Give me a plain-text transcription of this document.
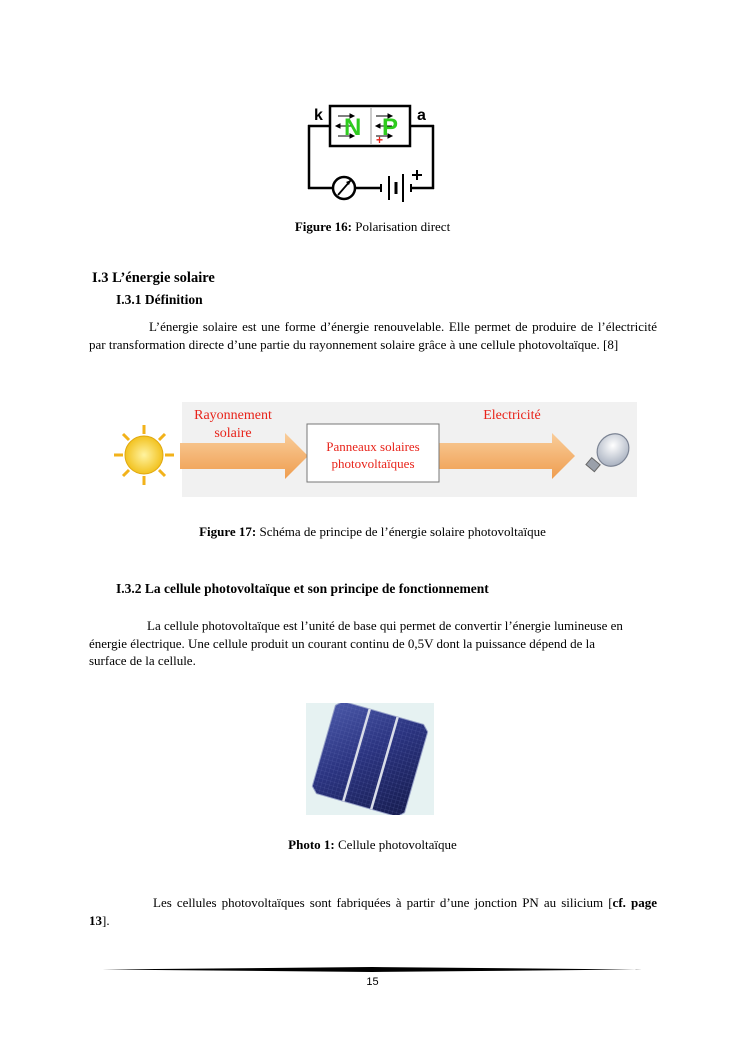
k	a
N P
+
Figure 16: Polarisation direct
I.3 L’énergie solaire
I.3.1 Définition
L’énergie solaire est une forme d’énergie renouvelable. Elle permet de produire de l’électricité par transformation directe d’une partie du rayonnement solaire grâce à une cellule photovoltaïque. [8]
Rayonnement
solaire
Electricité
Panneaux solaires
photovoltaïques
Figure 17: Schéma de principe de l’énergie solaire photovoltaïque
I.3.2 La cellule photovoltaïque et son principe de fonctionnement
La cellule photovoltaïque est l’unité de base qui permet de convertir l’énergie lumineuse en énergie électrique. Une cellule produit un courant continu de 0,5V dont la puissance dépend de la surface de la cellule.
Photo 1: Cellule photovoltaïque
Les cellules photovoltaïques sont fabriquées à partir d’une jonction PN au silicium [cf. page 13].
15
